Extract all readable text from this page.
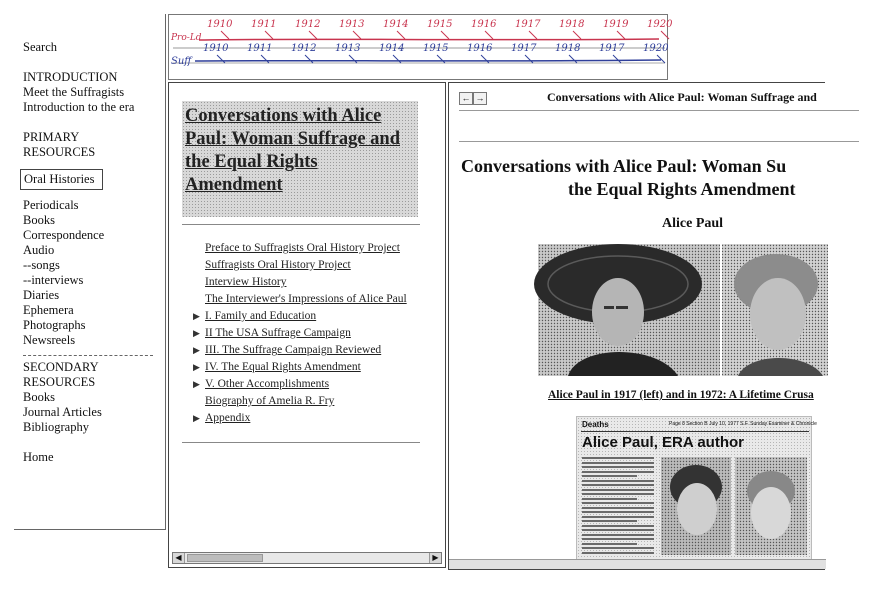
Search
INTRODUCTION
Meet the Suffragists
Introduction to the era
PRIMARY
RESOURCES
Oral Histories
Periodicals
Books
Correspondence
Audio
--songs
--interviews
Diaries
Ephemera
Photographs
Newsreels
SECONDARY
RESOURCES
Books
Journal Articles
Bibliography
Home
Pro-Ld
Suff
1910 1911 1912 1913 1914 1915 1916 1917 1918 1919 1920
1910 1911 1912 1913 1914 1915 1916 1917 1918 1917 1920
Conversations with Alice Paul: Woman Suffrage and the Equal Rights Amendment
Preface to Suffragists Oral History Project
Suffragists Oral History Project
Interview History
The Interviewer's Impressions of Alice Paul
▶ I. Family and Education
▶ II The USA Suffrage Campaign
▶ III. The Suffrage Campaign Reviewed
▶ IV. The Equal Rights Amendment
▶ V. Other Accomplishments
Biography of Amelia R. Fry
▶ Appendix
◀	▶
← →	Conversations with Alice Paul: Woman Suffrage and
Conversations with Alice Paul: Woman Su
the Equal Rights Amendment
Alice Paul
Alice Paul in 1917 (left) and in 1972: A Lifetime Crusa
Deaths	Page 8 Section B July 10, 1977 S.F. Sunday Examiner & Chronicle
Alice Paul, ERA author
